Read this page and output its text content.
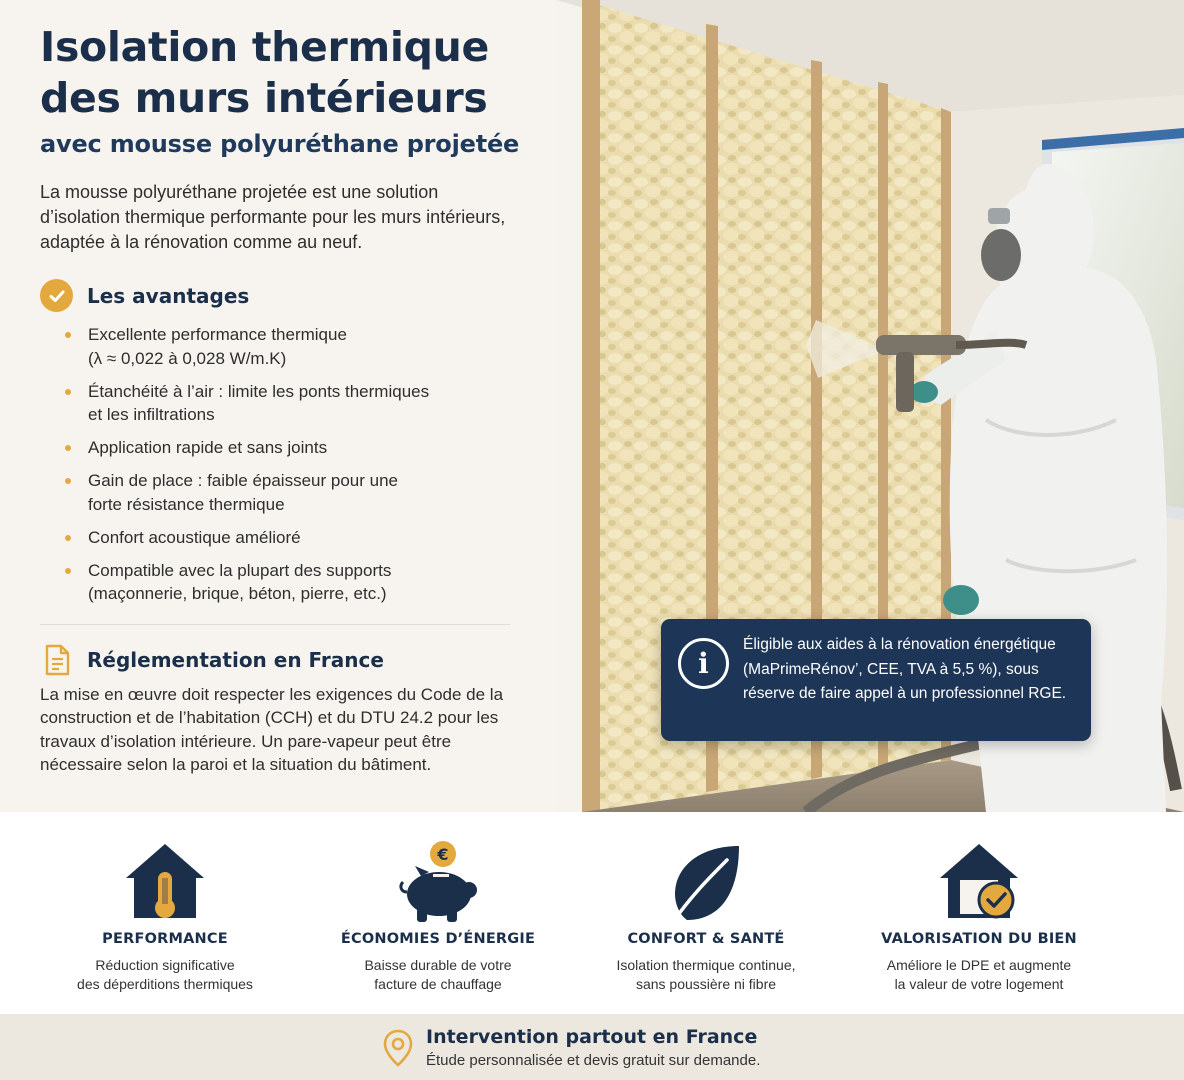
Isolation thermique
des murs intérieurs
avec mousse polyuréthane projetée

La mousse polyuréthane projetée est une solution d’isolation thermique performante pour les murs intérieurs, adaptée à la rénovation comme au neuf.

Les avantages
Excellente performance thermique
(λ ≈ 0,022 à 0,028 W/m.K)
Étanchéité à l’air : limite les ponts thermiques
et les infiltrations
Application rapide et sans joints
Gain de place : faible épaisseur pour une
forte résistance thermique
Confort acoustique amélioré
Compatible avec la plupart des supports
(maçonnerie, brique, béton, pierre, etc.)
Réglementation en France

La mise en œuvre doit respecter les exigences du Code de la construction et de l’habitation (CCH) et du DTU 24.2 pour les travaux d’isolation intérieure. Un pare-vapeur peut être nécessaire selon la paroi et la situation du bâtiment.

i

Éligible aux aides à la rénovation énergétique (MaPrimeRénov’, CEE, TVA à 5,5 %), sous réserve de faire appel à un professionnel RGE.

PERFORMANCE
Réduction significative
des déperditions thermiques
€
ÉCONOMIES D’ÉNERGIE
Baisse durable de votre
facture de chauffage
CONFORT & SANTÉ
Isolation thermique continue,
sans poussière ni fibre
VALORISATION DU BIEN
Améliore le DPE et augmente
la valeur de votre logement
Intervention partout en France
Étude personnalisée et devis gratuit sur demande.
